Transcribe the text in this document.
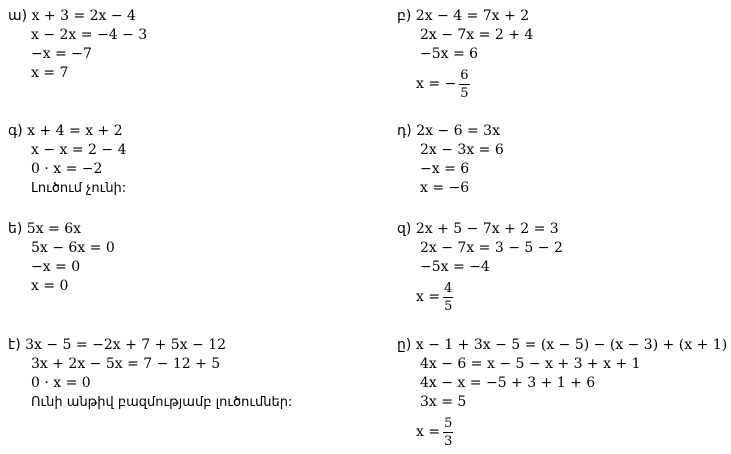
ա) x + 3 = 2x − 4
x − 2x = −4 − 3
−x = −7
x = 7
բ) 2x − 4 = 7x + 2
2x − 7x = 2 + 4
−5x = 6
x = − $\frac{6}{5}$
գ) x + 4 = x + 2
x − x = 2 − 4
0 · x = −2
Լուծում չունի:
դ) 2x − 6 = 3x
2x − 3x = 6
−x = 6
x = −6
ե) 5x = 6x
5x − 6x = 0
−x = 0
x = 0
զ) 2x + 5 − 7x + 2 = 3
2x − 7x = 3 − 5 − 2
−5x = −4
$x = \frac{4}{5}$
է) 3x − 5 = −2x + 7 + 5x − 12
3x + 2x − 5x = 7 − 12 + 5
0 · x = 0
Ունի անթիվ բազմությամբ լուծումներ:
ը) x − 1 + 3x − 5 = (x − 5) − (x − 3) + (x + 1)
4x − 6 = x − 5 − x + 3 + x + 1
4x − x = −5 + 3 + 1 + 6
3x = 5
$x = \frac{5}{3}$
